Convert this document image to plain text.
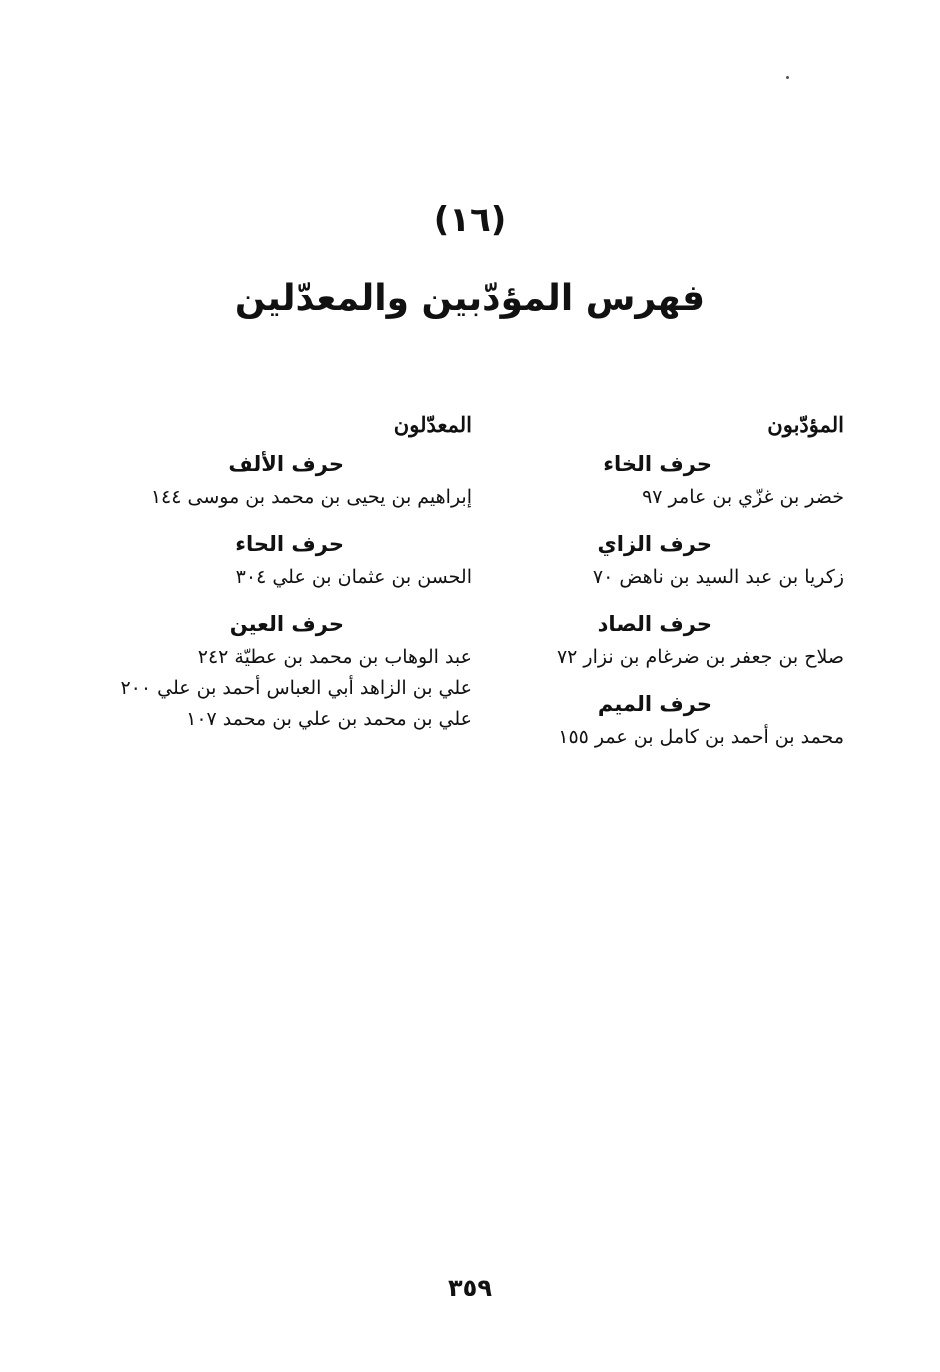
(١٦)
فهرس المؤدّبين والمعدّلين
المؤدّبون
حرف الخاء
خضر بن غزّي بن عامر ٩٧
حرف الزاي
زكريا بن عبد السيد بن ناهض ٧٠
حرف الصاد
صلاح بن جعفر بن ضرغام بن نزار ٧٢
حرف الميم
محمد بن أحمد بن كامل بن عمر ١٥٥
المعدّلون
حرف الألف
إبراهيم بن يحيى بن محمد بن موسى ١٤٤
حرف الحاء
الحسن بن عثمان بن علي ٣٠٤
حرف العين
عبد الوهاب بن محمد بن عطيّة ٢٤٢
علي بن الزاهد أبي العباس أحمد بن علي ٢٠٠
علي بن محمد بن علي بن محمد ١٠٧
٣٥٩
